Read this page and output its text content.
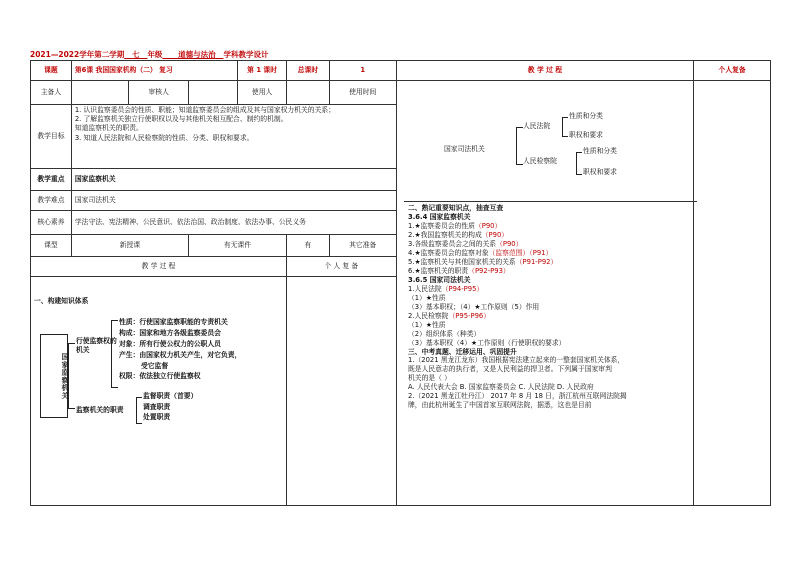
2021—2022学年第二学期 七 年级 道德与法治 学科教学设计
课题	第6课 我国国家机构（二） 复习			第 1 课时	总课时	1	教 学 过 程	个人复备
主备人		审核人		使用人		使用时间		
教学目标	1. 认识监察委员会的性质、职能；知道监察委员会的组成及其与国家权力机关的关系；
2. 了解监察机关独立行使职权以及与其他机关相互配合、制约的机制。
知道监察机关的职责。
3. 知道人民法院和人民检察院的性质、分类、职权和要求。							

教学重点	国家监察机关							
教学难点	国家司法机关							
核心素养	学法守法、宪法精神、公民意识、依法治国、政治制度、依法办事、公民义务							
课型	新授课		有无课件		有	其它准备		
教 学 过 程					个 人 复 备			

一、构建知识体系
国家监察机关
行使监察权的机关
监察机关的职责
性质：行使国家监察职能的专责机关
构成：国家和地方各级监察委员会
对象：所有行使公权力的公职人员
产生：由国家权力机关产生，对它负责，
受它监督
权限：依法独立行使监察权
监督职责（首要）
调查职责
处置职责
国家司法机关
人民法院
人民检察院
性质和分类
职权和要求
性质和分类
职权和要求
二、熟记重要知识点，抽查互查
3.6.4 国家监察机关
1.★监察委员会的性质（P90）
2.★我国监察机关的构成（P90）
3.各级监察委员会之间的关系（P90）
4.★监察委员会的监察对象（监察范围）（P91）
5.★监察机关与其他国家机关的关系（P91-P92）
6.★监察机关的职责（P92-P93）
3.6.5 国家司法机关
1.人民法院（P94-P95）
（1）★性质
（3）基本职权；（4）★工作原则（5）作用
2.人民检察院（P95-P96）
（1）★性质
（2）组织体系（种类）
（3）基本职权（4）★工作原则（行使职权的要求）
三、中考真题、迁移运用、巩固提升
1.（2021 黑龙江龙东）我国根据宪法建立起来的一整套国家机关体系，
既是人民意志的执行者，又是人民利益的捍卫者。下列属于国家审判
机关的是（ ）
A. 人民代表大会 B. 国家监察委员会 C. 人民法院 D. 人民政府
2.（2021 黑龙江牡丹江） 2017 年 8 月 18 日，浙江杭州互联网法院揭
牌，由此杭州诞生了中国首家互联网法院，据悉，这也是目前
